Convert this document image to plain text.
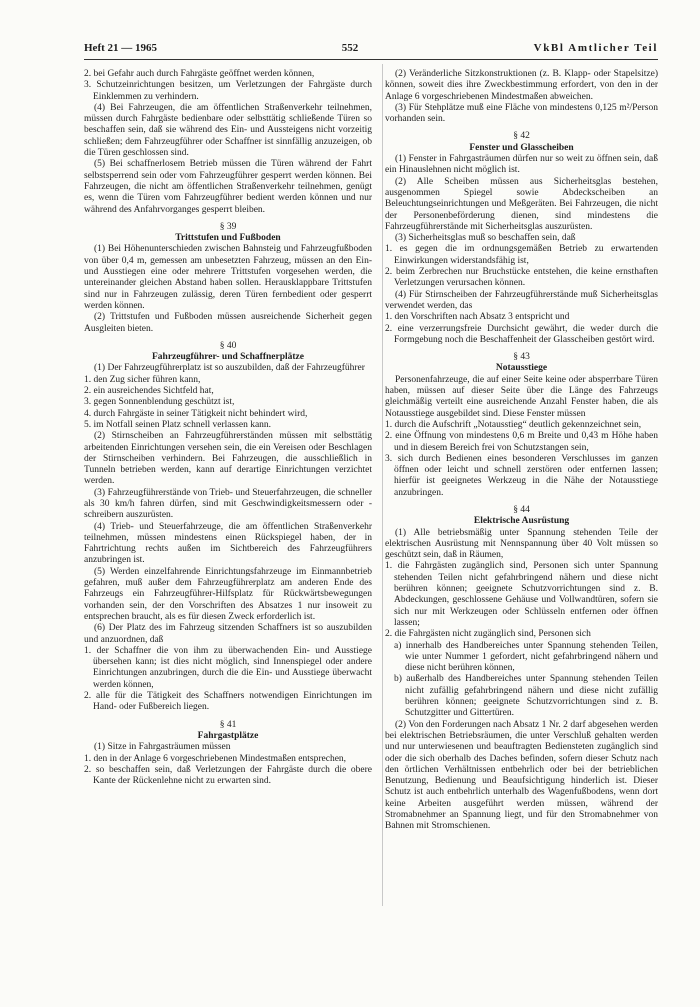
Heft 21 — 1965	552	VkBl Amtlicher Teil

2. bei Gefahr auch durch Fahrgäste geöffnet werden können,

3. Schutzeinrichtungen besitzen, um Verletzungen der Fahrgäste durch Einklemmen zu verhindern.

(4) Bei Fahrzeugen, die am öffentlichen Straßenverkehr teilnehmen, müssen durch Fahrgäste bedienbare oder selbsttätig schließende Türen so beschaffen sein, daß sie während des Ein- und Aussteigens nicht vorzeitig schließen; dem Fahrzeugführer oder Schaffner ist sinnfällig anzuzeigen, ob die Türen geschlossen sind.

(5) Bei schaffnerlosem Betrieb müssen die Türen während der Fahrt selbstsperrend sein oder vom Fahrzeugführer gesperrt werden können. Bei Fahrzeugen, die nicht am öffentlichen Straßenverkehr teilnehmen, genügt es, wenn die Türen vom Fahrzeugführer bedient werden können und nur während des Anfahrvorganges gesperrt bleiben.

§ 39

Trittstufen und Fußboden

(1) Bei Höhenunterschieden zwischen Bahnsteig und Fahrzeugfußboden von über 0,4 m, gemessen am unbesetzten Fahrzeug, müssen an den Ein- und Ausstiegen eine oder mehrere Trittstufen vorgesehen werden, die untereinander gleichen Abstand haben sollen. Herausklappbare Trittstufen sind nur in Fahrzeugen zulässig, deren Türen fernbedient oder gesperrt werden können.

(2) Trittstufen und Fußboden müssen ausreichende Sicherheit gegen Ausgleiten bieten.

§ 40

Fahrzeugführer- und Schaffnerplätze

(1) Der Fahrzeugführerplatz ist so auszubilden, daß der Fahrzeugführer

1. den Zug sicher führen kann,

2. ein ausreichendes Sichtfeld hat,

3. gegen Sonnenblendung geschützt ist,

4. durch Fahrgäste in seiner Tätigkeit nicht behindert wird,

5. im Notfall seinen Platz schnell verlassen kann.

(2) Stirnscheiben an Fahrzeugführerständen müssen mit selbsttätig arbeitenden Einrichtungen versehen sein, die ein Vereisen oder Beschlagen der Stirnscheiben verhindern. Bei Fahrzeugen, die ausschließlich in Tunneln betrieben werden, kann auf derartige Einrichtungen verzichtet werden.

(3) Fahrzeugführerstände von Trieb- und Steuerfahrzeugen, die schneller als 30 km/h fahren dürfen, sind mit Geschwindigkeitsmessern oder -schreibern auszurüsten.

(4) Trieb- und Steuerfahrzeuge, die am öffentlichen Straßenverkehr teilnehmen, müssen mindestens einen Rückspiegel haben, der in Fahrtrichtung rechts außen im Sichtbereich des Fahrzeugführers anzubringen ist.

(5) Werden einzelfahrende Einrichtungsfahrzeuge im Einmannbetrieb gefahren, muß außer dem Fahrzeugführerplatz am anderen Ende des Fahrzeugs ein Fahrzeugführer-Hilfsplatz für Rückwärtsbewegungen vorhanden sein, der den Vorschriften des Absatzes 1 nur insoweit zu entsprechen braucht, als es für diesen Zweck erforderlich ist.

(6) Der Platz des im Fahrzeug sitzenden Schaffners ist so auszubilden und anzuordnen, daß

1. der Schaffner die von ihm zu überwachenden Ein- und Ausstiege übersehen kann; ist dies nicht möglich, sind Innenspiegel oder andere Einrichtungen anzubringen, durch die die Ein- und Ausstiege überwacht werden können,

2. alle für die Tätigkeit des Schaffners notwendigen Einrichtungen im Hand- oder Fußbereich liegen.

§ 41

Fahrgastplätze

(1) Sitze in Fahrgasträumen müssen

1. den in der Anlage 6 vorgeschriebenen Mindestmaßen entsprechen,

2. so beschaffen sein, daß Verletzungen der Fahrgäste durch die obere Kante der Rückenlehne nicht zu erwarten sind.

(2) Veränderliche Sitzkonstruktionen (z. B. Klapp- oder Stapelsitze) können, soweit dies ihre Zweckbestimmung erfordert, von den in der Anlage 6 vorgeschriebenen Mindestmaßen abweichen.

(3) Für Stehplätze muß eine Fläche von mindestens 0,125 m²/Person vorhanden sein.

§ 42

Fenster und Glasscheiben

(1) Fenster in Fahrgasträumen dürfen nur so weit zu öffnen sein, daß ein Hinauslehnen nicht möglich ist.

(2) Alle Scheiben müssen aus Sicherheitsglas bestehen, ausgenommen Spiegel sowie Abdeckscheiben an Beleuchtungseinrichtungen und Meßgeräten. Bei Fahrzeugen, die nicht der Personenbeförderung dienen, sind mindestens die Fahrzeugführerstände mit Sicherheitsglas auszurüsten.

(3) Sicherheitsglas muß so beschaffen sein, daß

1. es gegen die im ordnungsgemäßen Betrieb zu erwartenden Einwirkungen widerstandsfähig ist,

2. beim Zerbrechen nur Bruchstücke entstehen, die keine ernsthaften Verletzungen verursachen können.

(4) Für Stirnscheiben der Fahrzeugführerstände muß Sicherheitsglas verwendet werden, das

1. den Vorschriften nach Absatz 3 entspricht und

2. eine verzerrungsfreie Durchsicht gewährt, die weder durch die Formgebung noch die Beschaffenheit der Glasscheiben gestört wird.

§ 43

Notausstiege

Personenfahrzeuge, die auf einer Seite keine oder absperrbare Türen haben, müssen auf dieser Seite über die Länge des Fahrzeugs gleichmäßig verteilt eine ausreichende Anzahl Fenster haben, die als Notausstiege ausgebildet sind. Diese Fenster müssen

1. durch die Aufschrift „Notausstieg“ deutlich gekennzeichnet sein,

2. eine Öffnung von mindestens 0,6 m Breite und 0,43 m Höhe haben und in diesem Bereich frei von Schutzstangen sein,

3. sich durch Bedienen eines besonderen Verschlusses im ganzen öffnen oder leicht und schnell zerstören oder entfernen lassen; hierfür ist geeignetes Werkzeug in die Nähe der Notausstiege anzubringen.

§ 44

Elektrische Ausrüstung

(1) Alle betriebsmäßig unter Spannung stehenden Teile der elektrischen Ausrüstung mit Nennspannung über 40 Volt müssen so geschützt sein, daß in Räumen,

1. die Fahrgästen zugänglich sind, Personen sich unter Spannung stehenden Teilen nicht gefahrbringend nähern und diese nicht berühren können; geeignete Schutzvorrichtungen sind z. B. Abdeckungen, geschlossene Gehäuse und Vollwandtüren, sofern sie sich nur mit Werkzeugen oder Schlüsseln entfernen oder öffnen lassen;

2. die Fahrgästen nicht zugänglich sind, Personen sich

a) innerhalb des Handbereiches unter Spannung stehenden Teilen, wie unter Nummer 1 gefordert, nicht gefahrbringend nähern und diese nicht berühren können,

b) außerhalb des Handbereiches unter Spannung stehenden Teilen nicht zufällig gefahrbringend nähern und diese nicht zufällig berühren können; geeignete Schutzvorrichtungen sind z. B. Schutzgitter und Gittertüren.

(2) Von den Forderungen nach Absatz 1 Nr. 2 darf abgesehen werden bei elektrischen Betriebsräumen, die unter Verschluß gehalten werden und nur unterwiesenen und beauftragten Bediensteten zugänglich sind oder die sich oberhalb des Daches befinden, sofern dieser Schutz nach den örtlichen Verhältnissen entbehrlich oder bei der betrieblichen Benutzung, Bedienung und Beaufsichtigung hinderlich ist. Dieser Schutz ist auch entbehrlich unterhalb des Wagenfußbodens, wenn dort keine Arbeiten ausgeführt werden müssen, während der Stromabnehmer an Spannung liegt, und für den Stromabnehmer von Bahnen mit Stromschienen.
